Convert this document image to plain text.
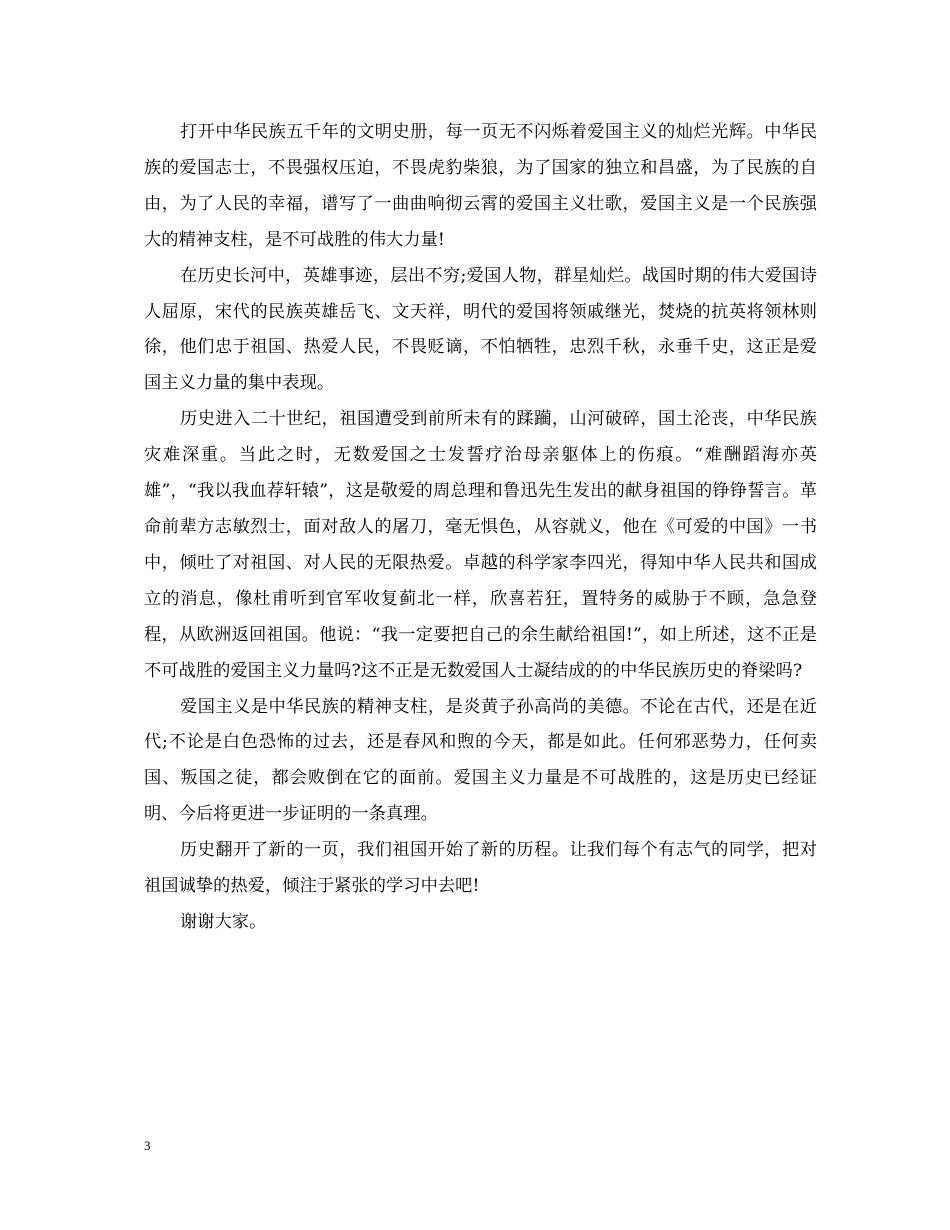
打开中华民族五千年的文明史册，每一页无不闪烁着爱国主义的灿烂光辉。中华民族的爱国志士，不畏强权压迫，不畏虎豹柴狼，为了国家的独立和昌盛，为了民族的自由，为了人民的幸福，谱写了一曲曲响彻云霄的爱国主义壮歌，爱国主义是一个民族强大的精神支柱，是不可战胜的伟大力量!

在历史长河中，英雄事迹，层出不穷;爱国人物，群星灿烂。战国时期的伟大爱国诗人屈原，宋代的民族英雄岳飞、文天祥，明代的爱国将领戚继光，焚烧的抗英将领林则徐，他们忠于祖国、热爱人民，不畏贬谪，不怕牺牲，忠烈千秋，永垂千史，这正是爱国主义力量的集中表现。

历史进入二十世纪，祖国遭受到前所未有的蹂躏，山河破碎，国土沦丧，中华民族灾难深重。当此之时，无数爱国之士发誓疗治母亲躯体上的伤痕。“难酬蹈海亦英雄”，“我以我血荐轩辕”，这是敬爱的周总理和鲁迅先生发出的献身祖国的铮铮誓言。革命前辈方志敏烈士，面对敌人的屠刀，毫无惧色，从容就义，他在《可爱的中国》一书中，倾吐了对祖国、对人民的无限热爱。卓越的科学家李四光，得知中华人民共和国成立的消息，像杜甫听到官军收复蓟北一样，欣喜若狂，置特务的威胁于不顾，急急登程，从欧洲返回祖国。他说：“我一定要把自己的余生献给祖国!”，如上所述，这不正是不可战胜的爱国主义力量吗?这不正是无数爱国人士凝结成的的中华民族历史的脊梁吗?

爱国主义是中华民族的精神支柱，是炎黄子孙高尚的美德。不论在古代，还是在近代;不论是白色恐怖的过去，还是春风和煦的今天，都是如此。任何邪恶势力，任何卖国、叛国之徒，都会败倒在它的面前。爱国主义力量是不可战胜的，这是历史已经证明、今后将更进一步证明的一条真理。

历史翻开了新的一页，我们祖国开始了新的历程。让我们每个有志气的同学，把对祖国诚挚的热爱，倾注于紧张的学习中去吧!

谢谢大家。

3
